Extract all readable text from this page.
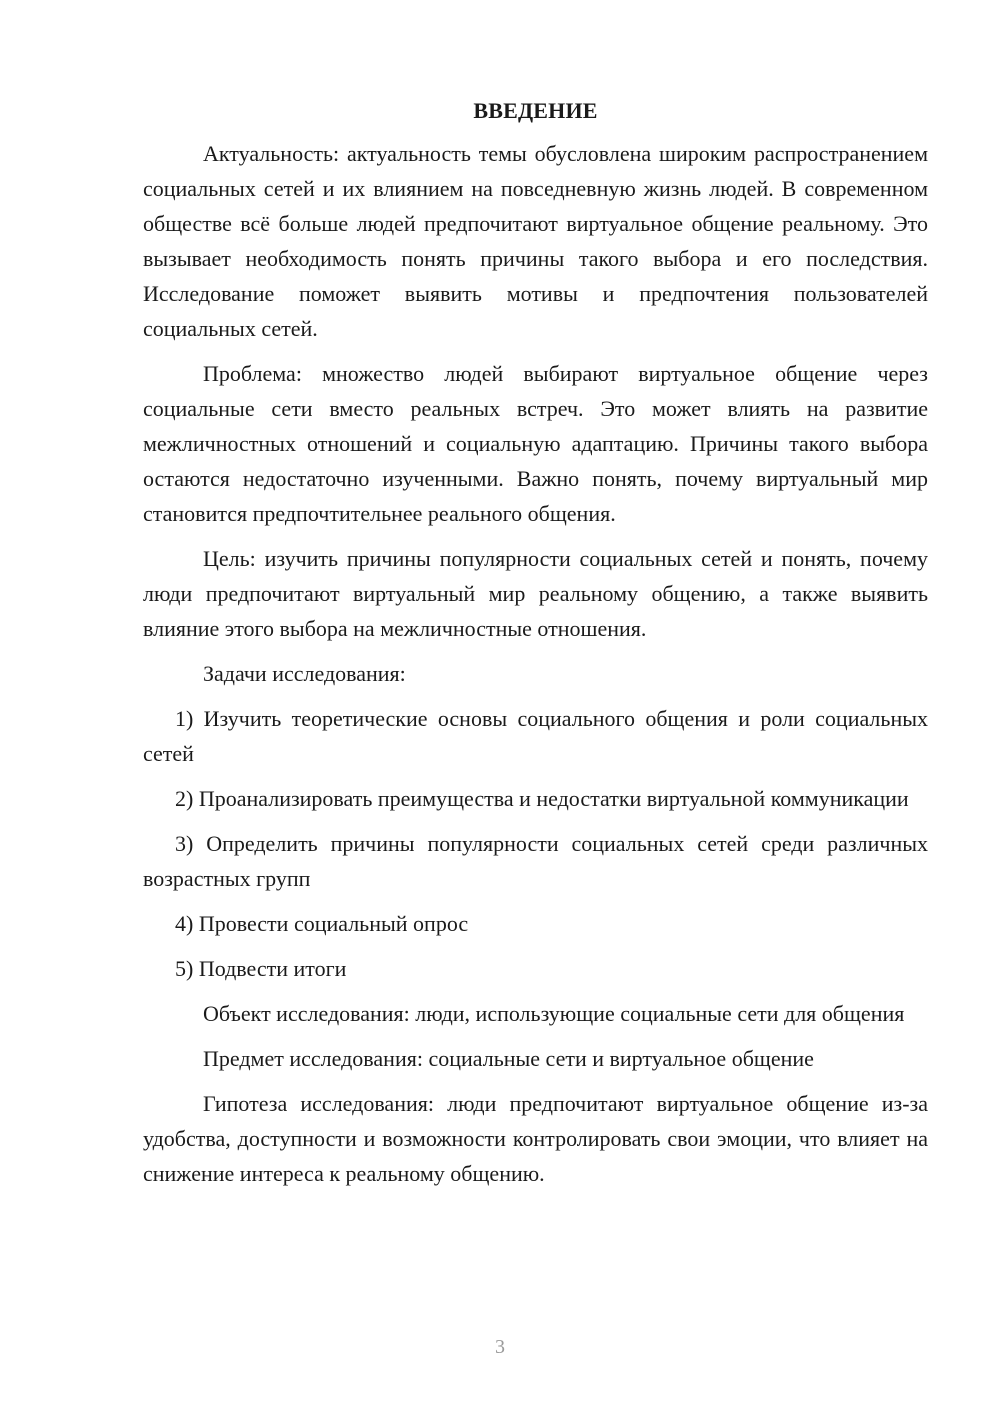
ВВЕДЕНИЕ

Актуальность: актуальность темы обусловлена широким распространением социальных сетей и их влиянием на повседневную жизнь людей. В современном обществе всё больше людей предпочитают виртуальное общение реальному. Это вызывает необходимость понять причины такого выбора и его последствия. Исследование поможет выявить мотивы и предпочтения пользователей социальных сетей.

Проблема: множество людей выбирают виртуальное общение через социальные сети вместо реальных встреч. Это может влиять на развитие межличностных отношений и социальную адаптацию. Причины такого выбора остаются недостаточно изученными. Важно понять, почему виртуальный мир становится предпочтительнее реального общения.

Цель: изучить причины популярности социальных сетей и понять, почему люди предпочитают виртуальный мир реальному общению, а также выявить влияние этого выбора на межличностные отношения.

Задачи исследования:

1) Изучить теоретические основы социального общения и роли социальных сетей

2) Проанализировать преимущества и недостатки виртуальной коммуникации

3) Определить причины популярности социальных сетей среди различных возрастных групп

4) Провести социальный опрос

5) Подвести итоги

Объект исследования: люди, использующие социальные сети для общения

Предмет исследования: социальные сети и виртуальное общение

Гипотеза исследования: люди предпочитают виртуальное общение из-за удобства, доступности и возможности контролировать свои эмоции, что влияет на снижение интереса к реальному общению.

3
